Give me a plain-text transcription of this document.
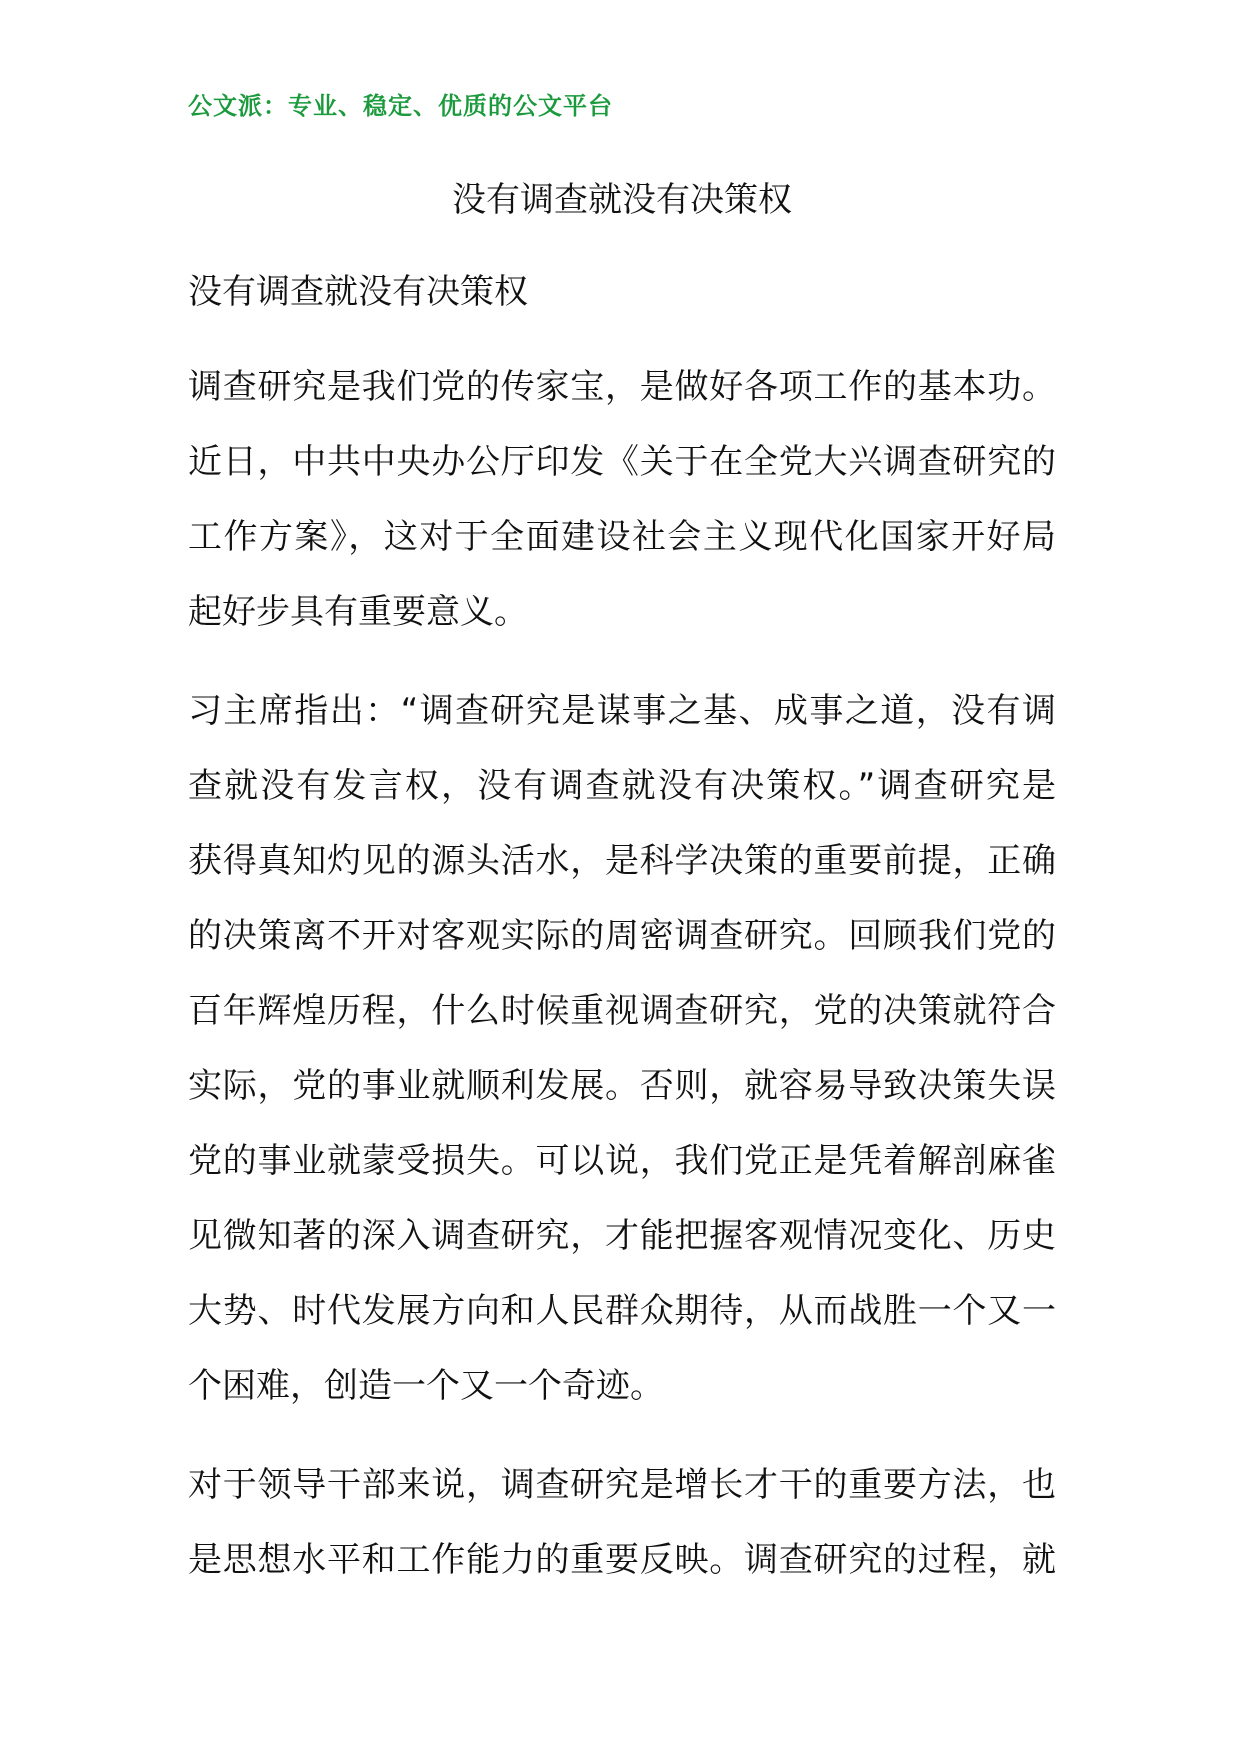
公文派：专业、稳定、优质的公文平台
没有调查就没有决策权
没有调查就没有决策权

调查研究是我们党的传家宝，是做好各项工作的基本功。
近日，中共中央办公厅印发《关于在全党大兴调查研究的
工作方案》，这对于全面建设社会主义现代化国家开好局
起好步具有重要意义。

习主席指出：“调查研究是谋事之基、成事之道，没有调
查就没有发言权，没有调查就没有决策权。”调查研究是
获得真知灼见的源头活水，是科学决策的重要前提，正确
的决策离不开对客观实际的周密调查研究。回顾我们党的
百年辉煌历程，什么时候重视调查研究，党的决策就符合
实际，党的事业就顺利发展。否则，就容易导致决策失误
党的事业就蒙受损失。可以说，我们党正是凭着解剖麻雀
见微知著的深入调查研究，才能把握客观情况变化、历史
大势、时代发展方向和人民群众期待，从而战胜一个又一
个困难，创造一个又一个奇迹。

对于领导干部来说，调查研究是增长才干的重要方法，也
是思想水平和工作能力的重要反映。调查研究的过程，就
